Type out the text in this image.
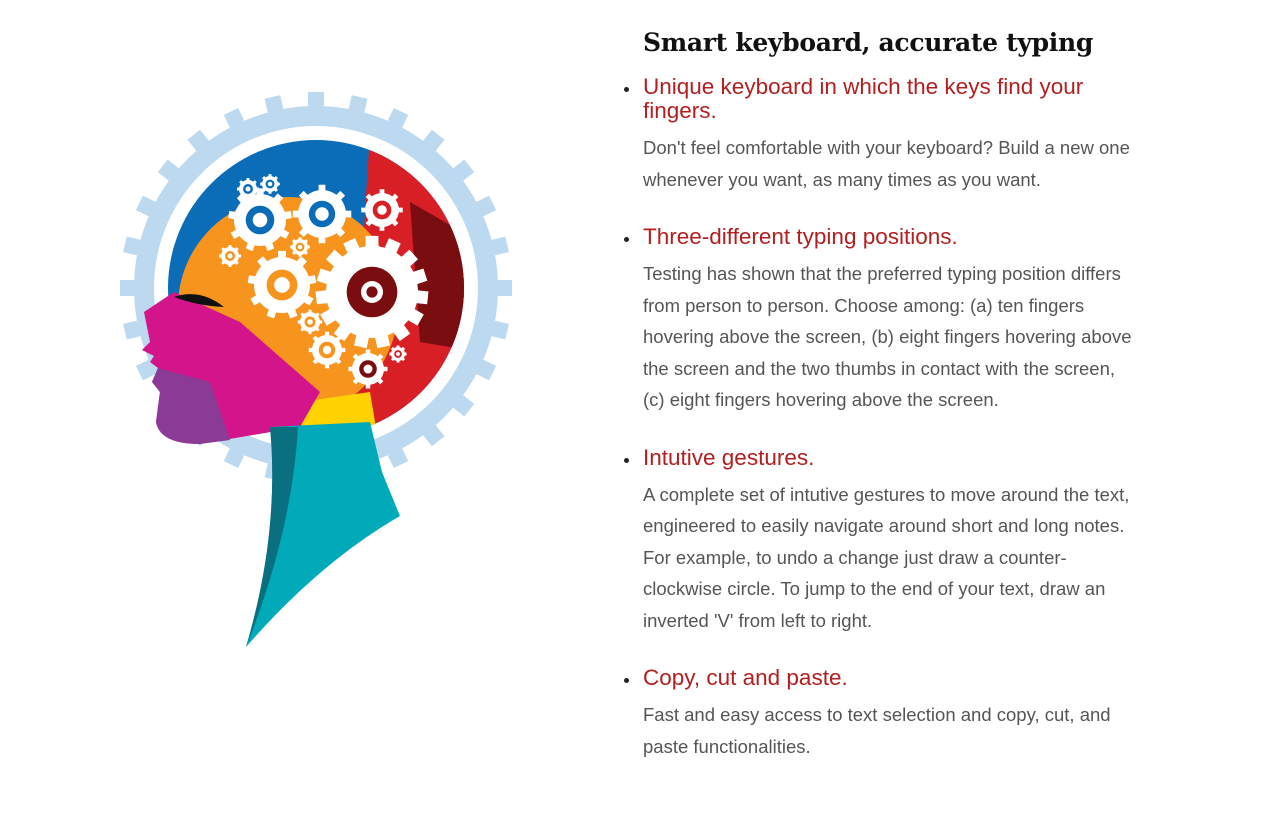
Smart keyboard, accurate typing
Unique keyboard in which the keys find your fingers.
Don't feel comfortable with your keyboard? Build a new one whenever you want, as many times as you want.
Three-different typing positions.
Testing has shown that the preferred typing position differs from person to person. Choose among: (a) ten fingers hovering above the screen, (b) eight fingers hovering above the screen and the two thumbs in contact with the screen, (c) eight fingers hovering above the screen.
Intutive gestures.
A complete set of intutive gestures to move around the text, engineered to easily navigate around short and long notes. For example, to undo a change just draw a counter-clockwise circle. To jump to the end of your text, draw an inverted 'V' from left to right.
Copy, cut and paste.
Fast and easy access to text selection and copy, cut, and paste functionalities.
